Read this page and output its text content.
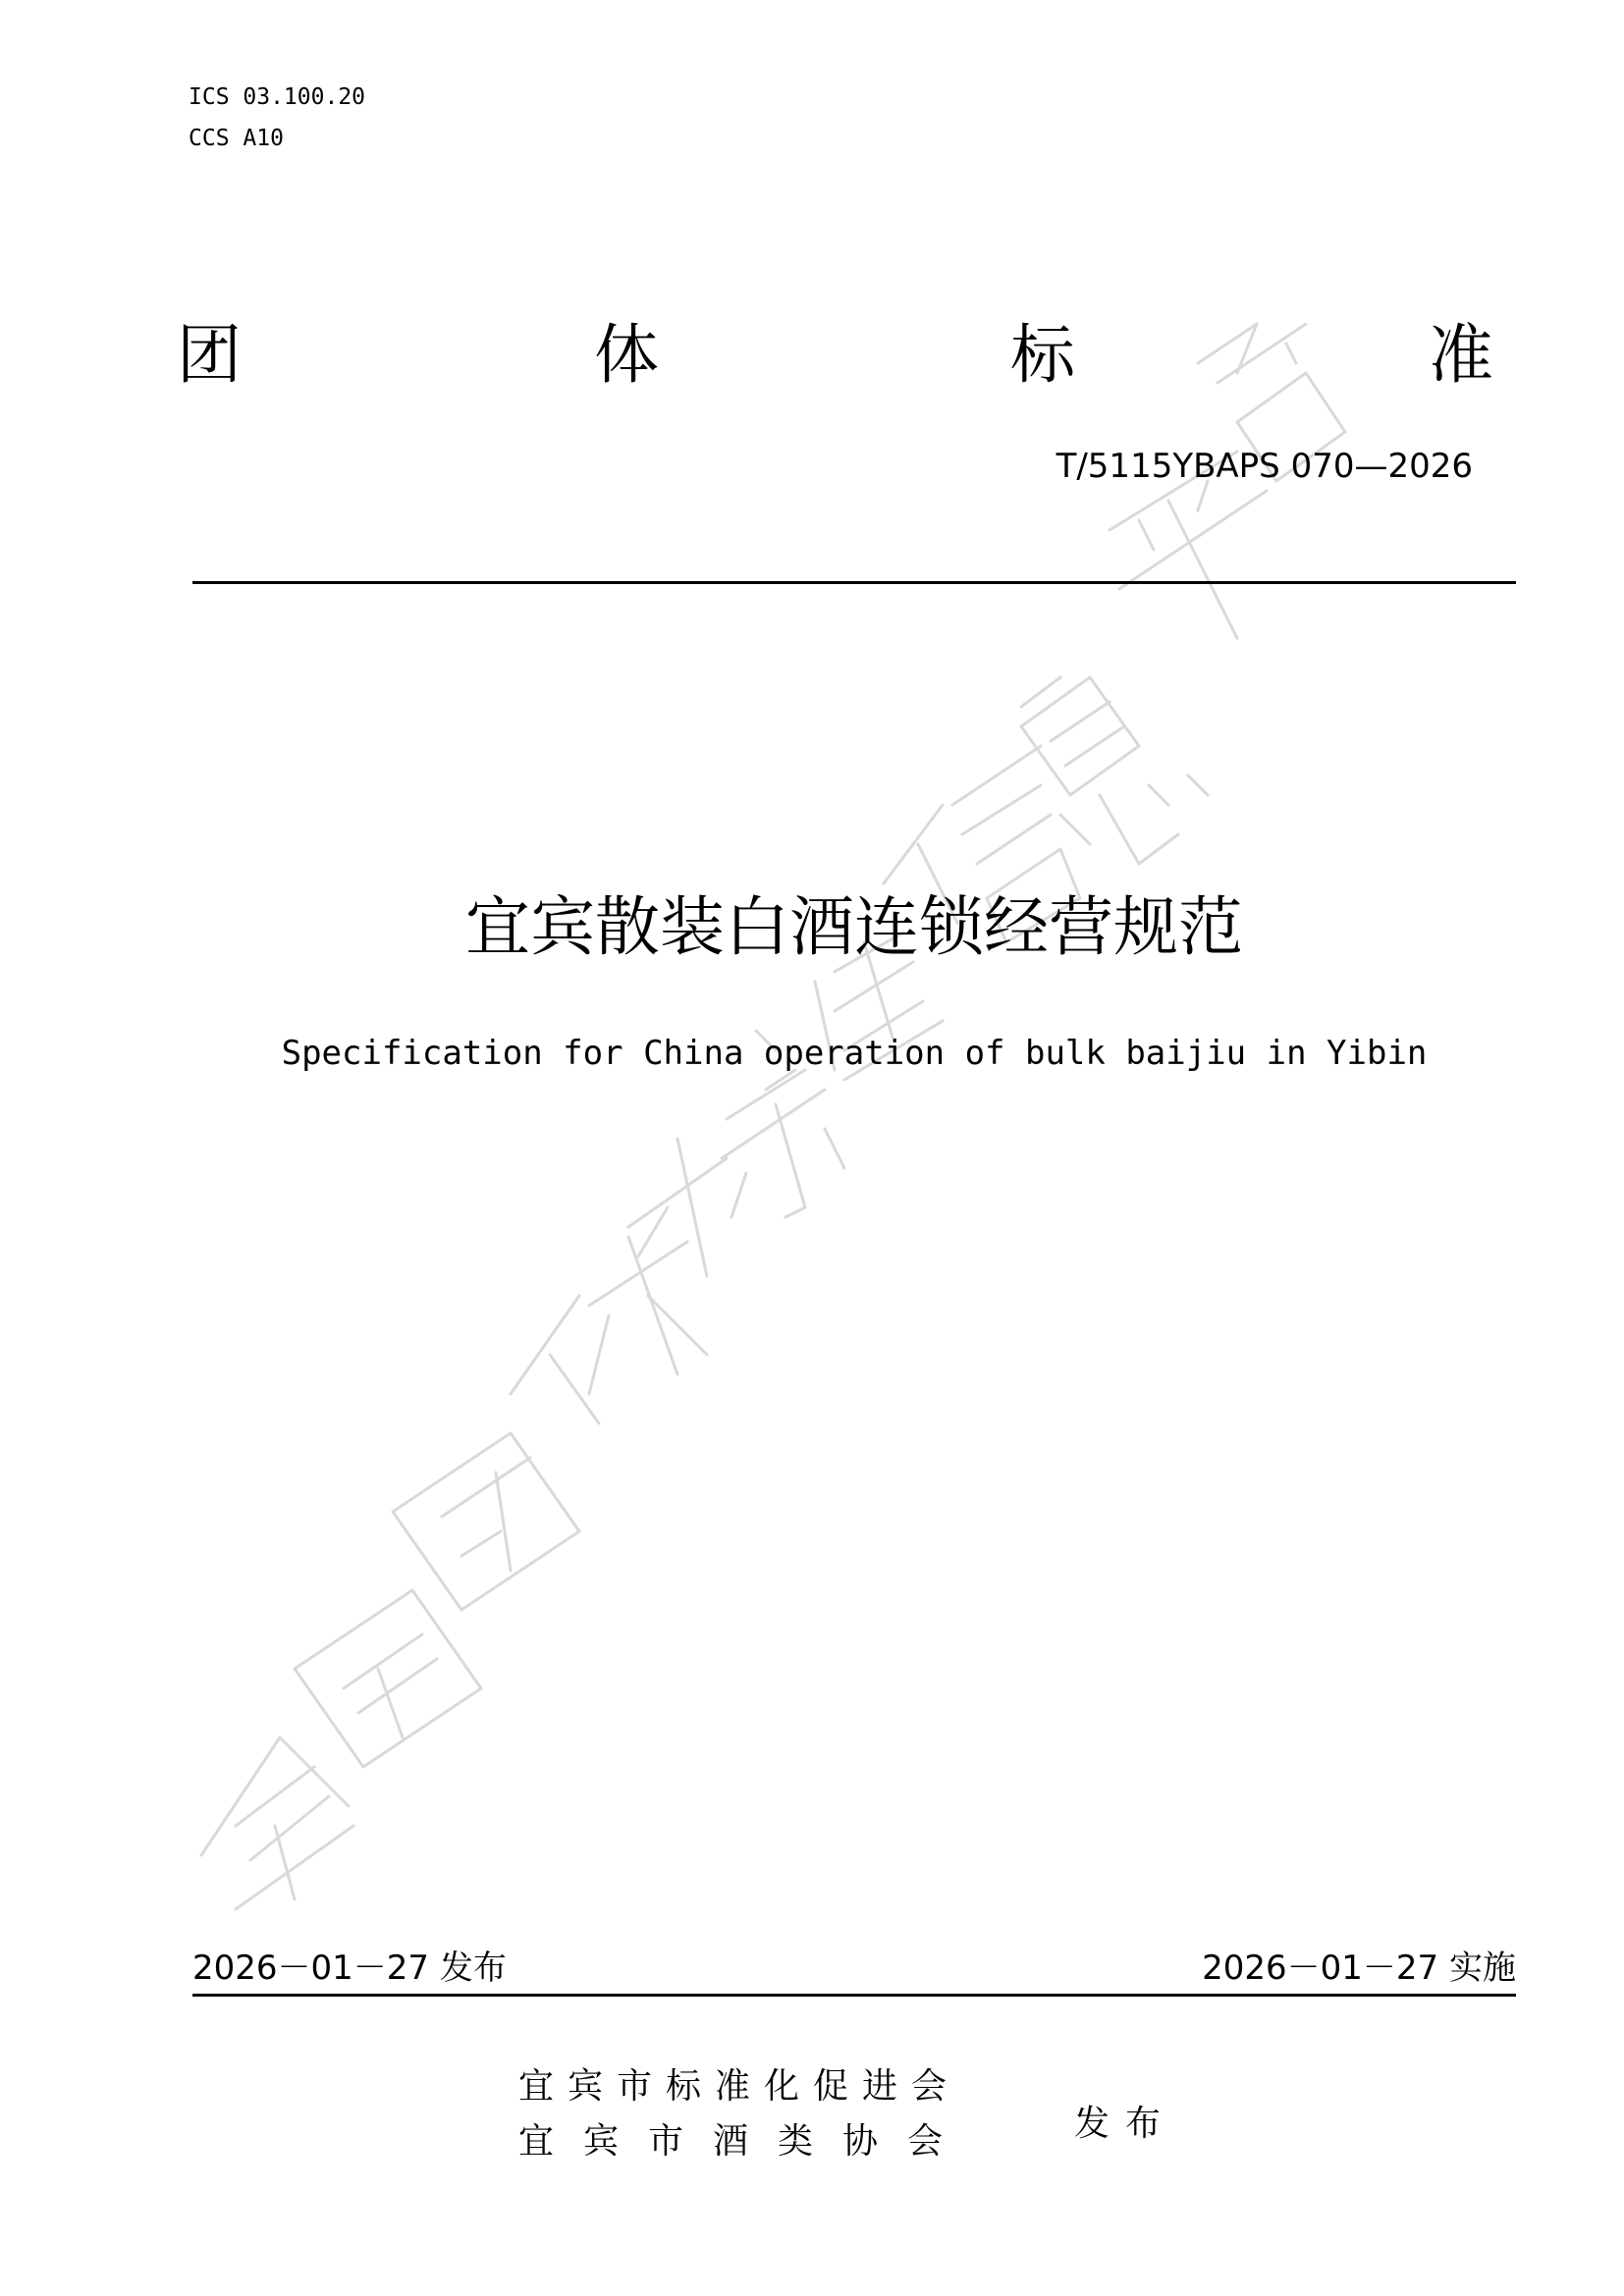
ICS 03.100.20
CCS A10
团	体	标	准
T/5115YBAPS 070—2026
宜宾散装白酒连锁经营规范
Specification for China operation of bulk baijiu in Yibin
2026－01－27 发布	2026－01－27 实施
宜宾市标准化促进会
宜宾市酒类协会	发布
